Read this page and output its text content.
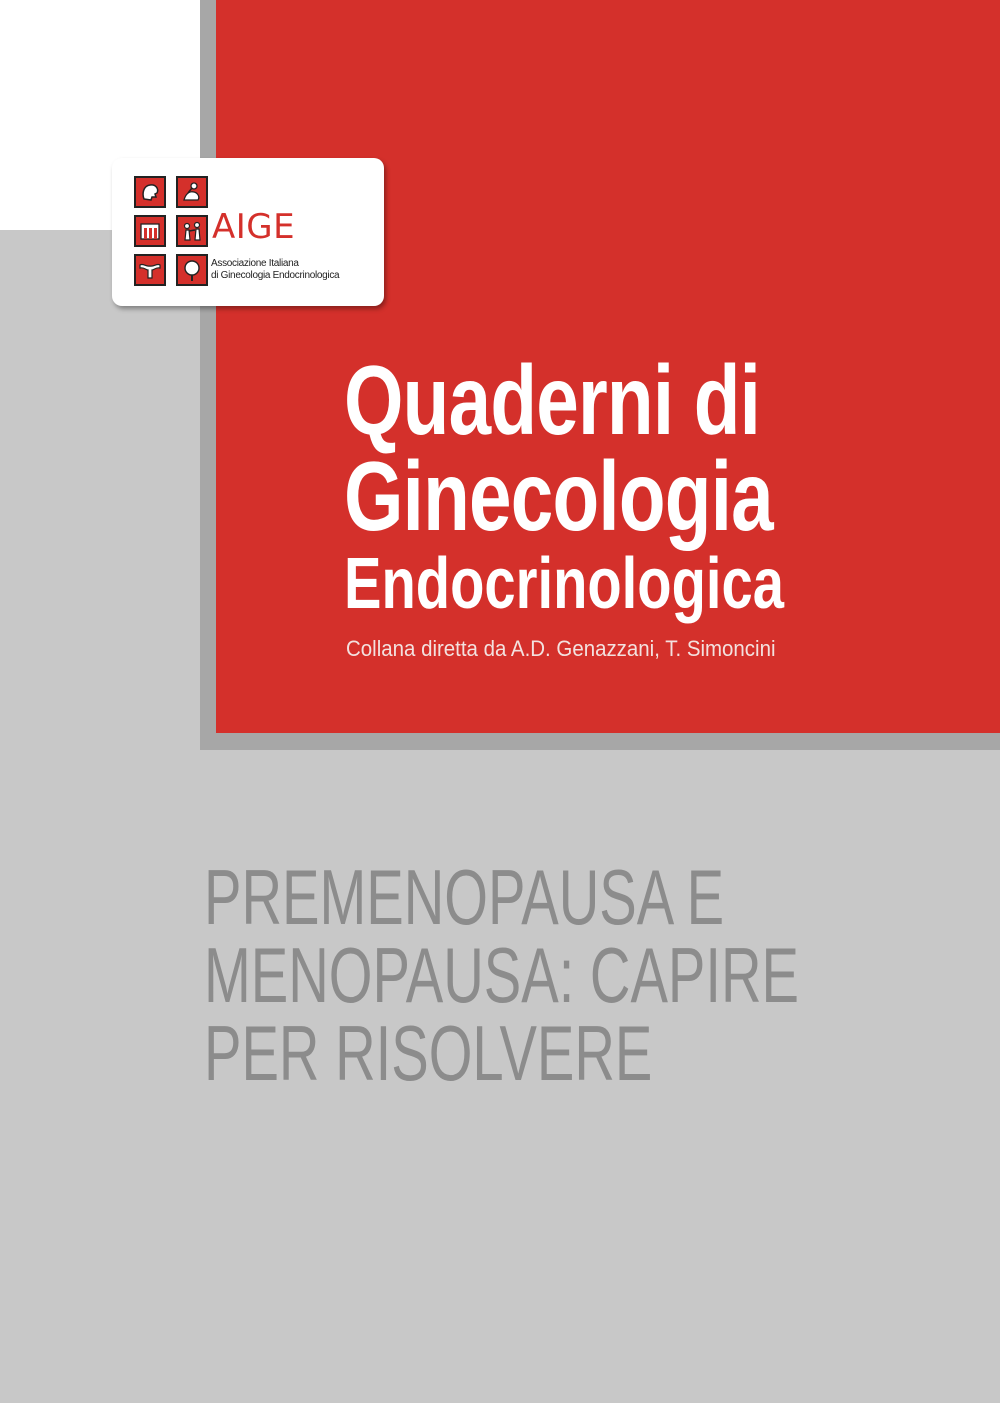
AIGE
Associazione Italiana
di Ginecologia Endocrinologica
Quaderni di
Ginecologia
Endocrinologica
Collana diretta da A.D. Genazzani, T. Simoncini
PREMENOPAUSA E
MENOPAUSA: CAPIRE
PER RISOLVERE
